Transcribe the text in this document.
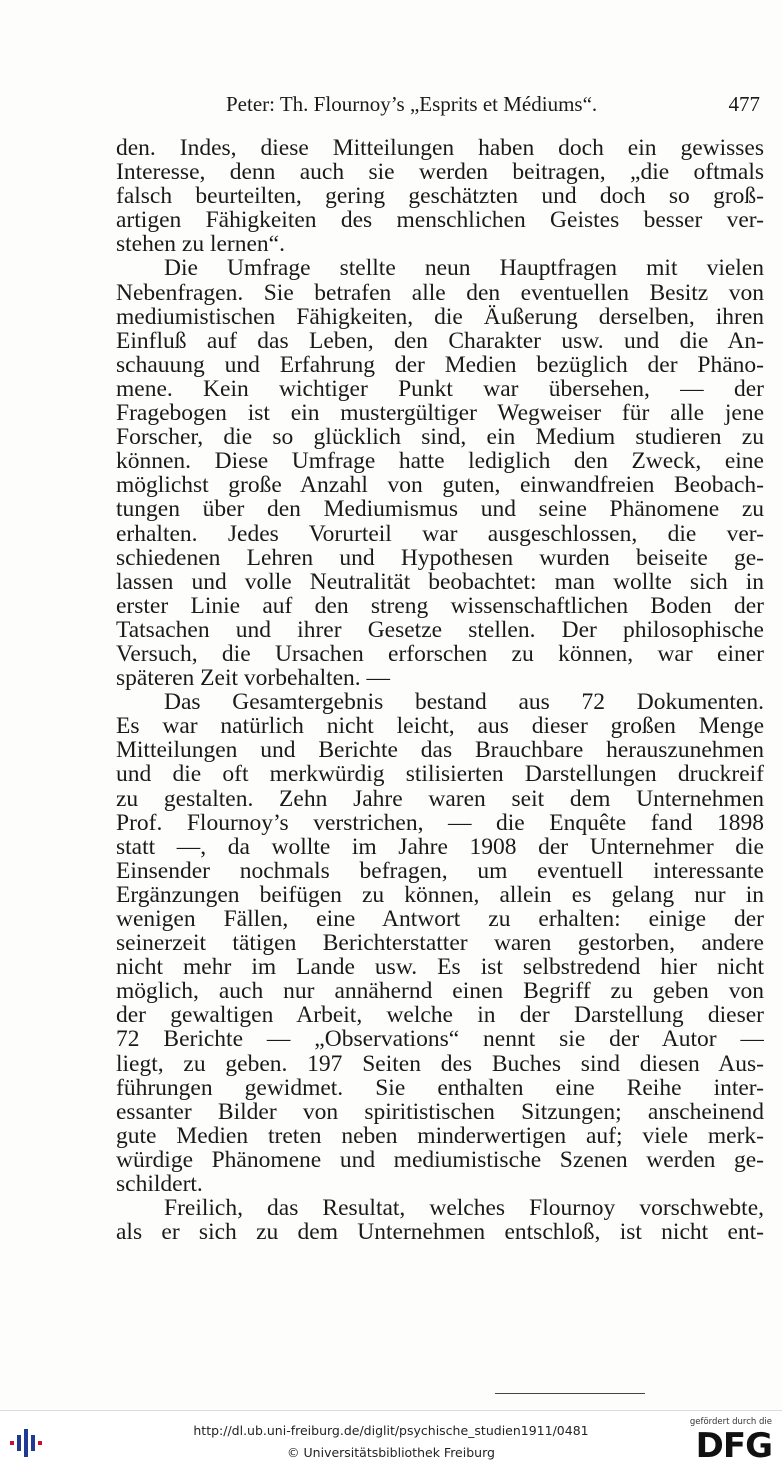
Peter: Th. Flournoy’s „Esprits et Médiums“.	477
den. Indes, diese Mitteilungen haben doch ein gewisses
Interesse, denn auch sie werden beitragen, „die oftmals
falsch beurteilten, gering geschätzten und doch so groß-
artigen Fähigkeiten des menschlichen Geistes besser ver-
stehen zu lernen“.
Die Umfrage stellte neun Hauptfragen mit vielen
Nebenfragen. Sie betrafen alle den eventuellen Besitz von
mediumistischen Fähigkeiten, die Äußerung derselben, ihren
Einfluß auf das Leben, den Charakter usw. und die An-
schauung und Erfahrung der Medien bezüglich der Phäno-
mene. Kein wichtiger Punkt war übersehen, — der
Fragebogen ist ein mustergültiger Wegweiser für alle jene
Forscher, die so glücklich sind, ein Medium studieren zu
können. Diese Umfrage hatte lediglich den Zweck, eine
möglichst große Anzahl von guten, einwandfreien Beobach-
tungen über den Mediumismus und seine Phänomene zu
erhalten. Jedes Vorurteil war ausgeschlossen, die ver-
schiedenen Lehren und Hypothesen wurden beiseite ge-
lassen und volle Neutralität beobachtet: man wollte sich in
erster Linie auf den streng wissenschaftlichen Boden der
Tatsachen und ihrer Gesetze stellen. Der philosophische
Versuch, die Ursachen erforschen zu können, war einer
späteren Zeit vorbehalten. —
Das Gesamtergebnis bestand aus 72 Dokumenten.
Es war natürlich nicht leicht, aus dieser großen Menge
Mitteilungen und Berichte das Brauchbare herauszunehmen
und die oft merkwürdig stilisierten Darstellungen druckreif
zu gestalten. Zehn Jahre waren seit dem Unternehmen
Prof. Flournoy’s verstrichen, — die Enquête fand 1898
statt —, da wollte im Jahre 1908 der Unternehmer die
Einsender nochmals befragen, um eventuell interessante
Ergänzungen beifügen zu können, allein es gelang nur in
wenigen Fällen, eine Antwort zu erhalten: einige der
seinerzeit tätigen Berichterstatter waren gestorben, andere
nicht mehr im Lande usw. Es ist selbstredend hier nicht
möglich, auch nur annähernd einen Begriff zu geben von
der gewaltigen Arbeit, welche in der Darstellung dieser
72 Berichte — „Observations“ nennt sie der Autor —
liegt, zu geben. 197 Seiten des Buches sind diesen Aus-
führungen gewidmet. Sie enthalten eine Reihe inter-
essanter Bilder von spiritistischen Sitzungen; anscheinend
gute Medien treten neben minderwertigen auf; viele merk-
würdige Phänomene und mediumistische Szenen werden ge-
schildert.
Freilich, das Resultat, welches Flournoy vorschwebte,
als er sich zu dem Unternehmen entschloß, ist nicht ent-
http://dl.ub.uni-freiburg.de/diglit/psychische_studien1911/0481
© Universitätsbibliothek Freiburg
gefördert durch die
DFG
